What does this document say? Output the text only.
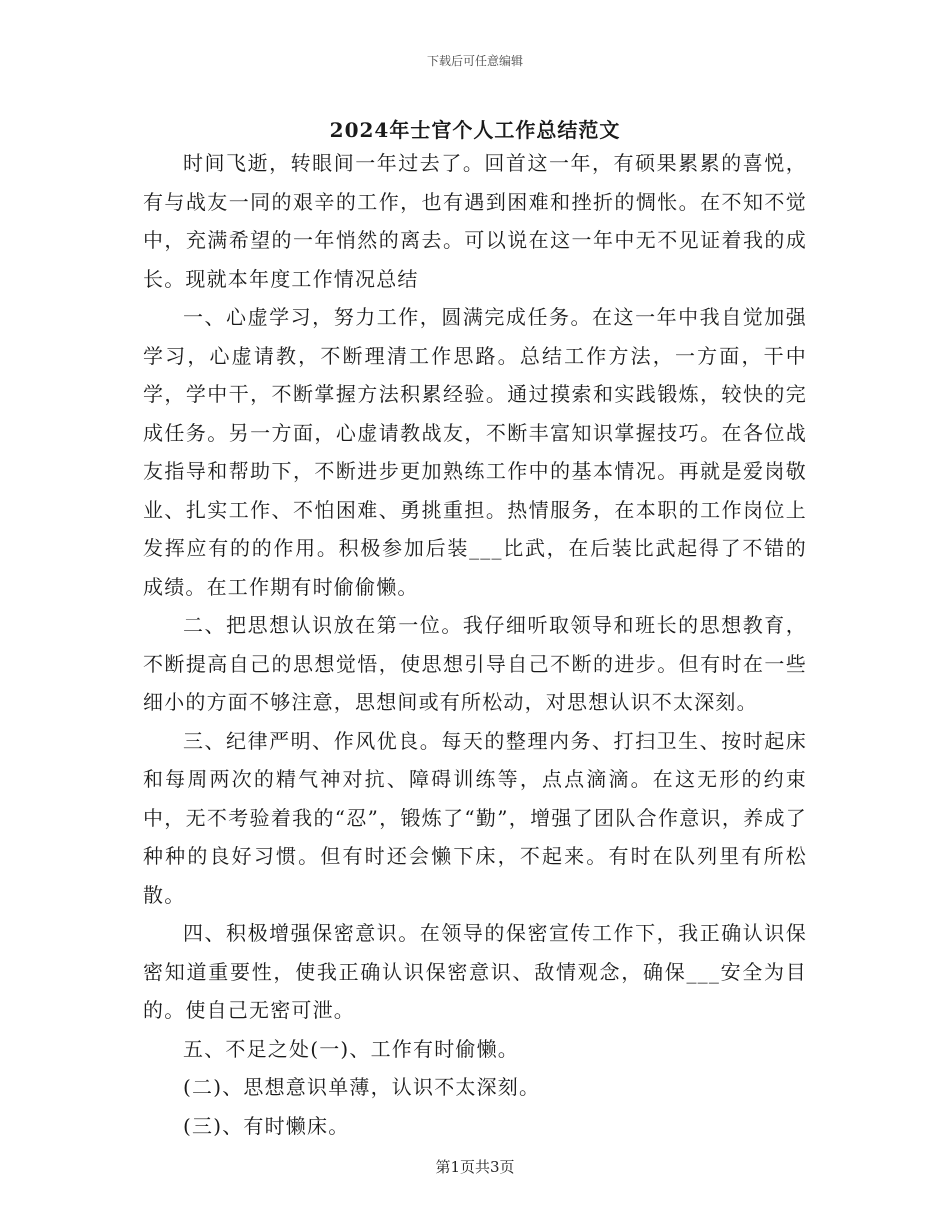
下载后可任意编辑
2024年士官个人工作总结范文

时间飞逝，转眼间一年过去了。回首这一年，有硕果累累的喜悦，有与战友一同的艰辛的工作，也有遇到困难和挫折的惆怅。在不知不觉中，充满希望的一年悄然的离去。可以说在这一年中无不见证着我的成长。现就本年度工作情况总结

一、心虚学习，努力工作，圆满完成任务。在这一年中我自觉加强学习，心虚请教，不断理清工作思路。总结工作方法，一方面，干中学，学中干，不断掌握方法积累经验。通过摸索和实践锻炼，较快的完成任务。另一方面，心虚请教战友，不断丰富知识掌握技巧。在各位战友指导和帮助下，不断进步更加熟练工作中的基本情况。再就是爱岗敬业、扎实工作、不怕困难、勇挑重担。热情服务，在本职的工作岗位上发挥应有的的作用。积极参加后装___比武，在后装比武起得了不错的成绩。在工作期有时偷偷懒。

二、把思想认识放在第一位。我仔细听取领导和班长的思想教育，不断提高自己的思想觉悟，使思想引导自己不断的进步。但有时在一些细小的方面不够注意，思想间或有所松动，对思想认识不太深刻。

三、纪律严明、作风优良。每天的整理内务、打扫卫生、按时起床和每周两次的精气神对抗、障碍训练等，点点滴滴。在这无形的约束中，无不考验着我的“忍”，锻炼了“勤”，增强了团队合作意识，养成了种种的良好习惯。但有时还会懒下床，不起来。有时在队列里有所松散。

四、积极增强保密意识。在领导的保密宣传工作下，我正确认识保密知道重要性，使我正确认识保密意识、敌情观念，确保___安全为目的。使自己无密可泄。

五、不足之处(一)、工作有时偷懒。

(二)、思想意识单薄，认识不太深刻。

(三)、有时懒床。

第1页共3页
